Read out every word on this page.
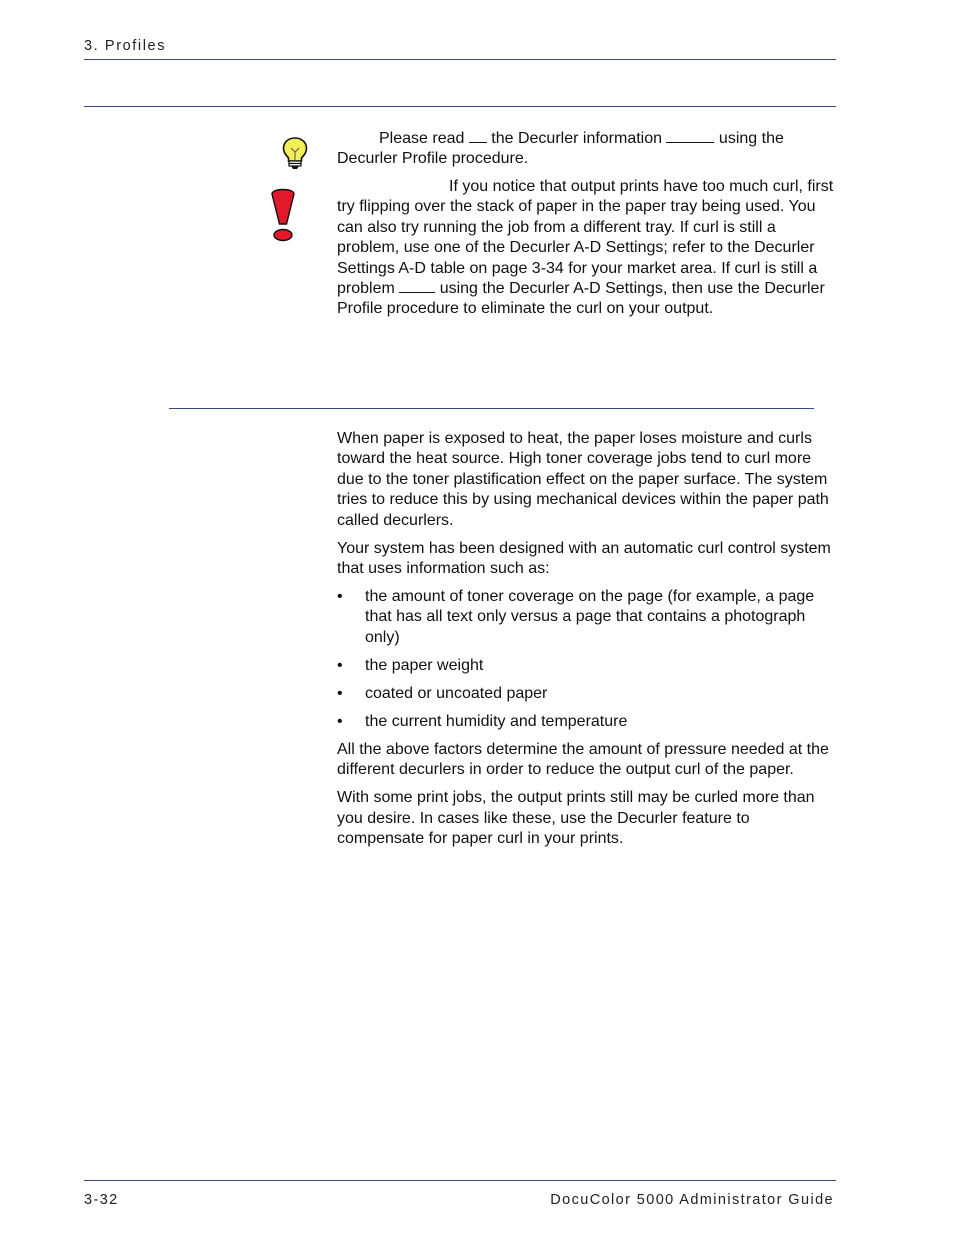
3. Profiles
Please read  the Decurler information	using the Decurler Profile procedure.
If you notice that output prints have too much curl, first try flipping over the stack of paper in the paper tray being used. You can also try running the job from a different tray. If curl is still a problem, use one of the Decurler A-D Settings; refer to the Decurler Settings A-D table on page 3-34 for your market area. If curl is still a problem  using the Decurler A-D Settings, then use the Decurler Profile procedure to eliminate the curl on your output.

When paper is exposed to heat, the paper loses moisture and curls toward the heat source. High toner coverage jobs tend to curl more due to the toner plastification effect on the paper surface. The system tries to reduce this by using mechanical devices within the paper path called decurlers.

Your system has been designed with an automatic curl control system that uses information such as:

• the amount of toner coverage on the page (for example, a page that has all text only versus a page that contains a photograph only)
• the paper weight
• coated or uncoated paper
• the current humidity and temperature

All the above factors determine the amount of pressure needed at the different decurlers in order to reduce the output curl of the paper.

With some print jobs, the output prints still may be curled more than you desire. In cases like these, use the Decurler feature to compensate for paper curl in your prints.

3-32	DocuColor 5000 Administrator Guide
